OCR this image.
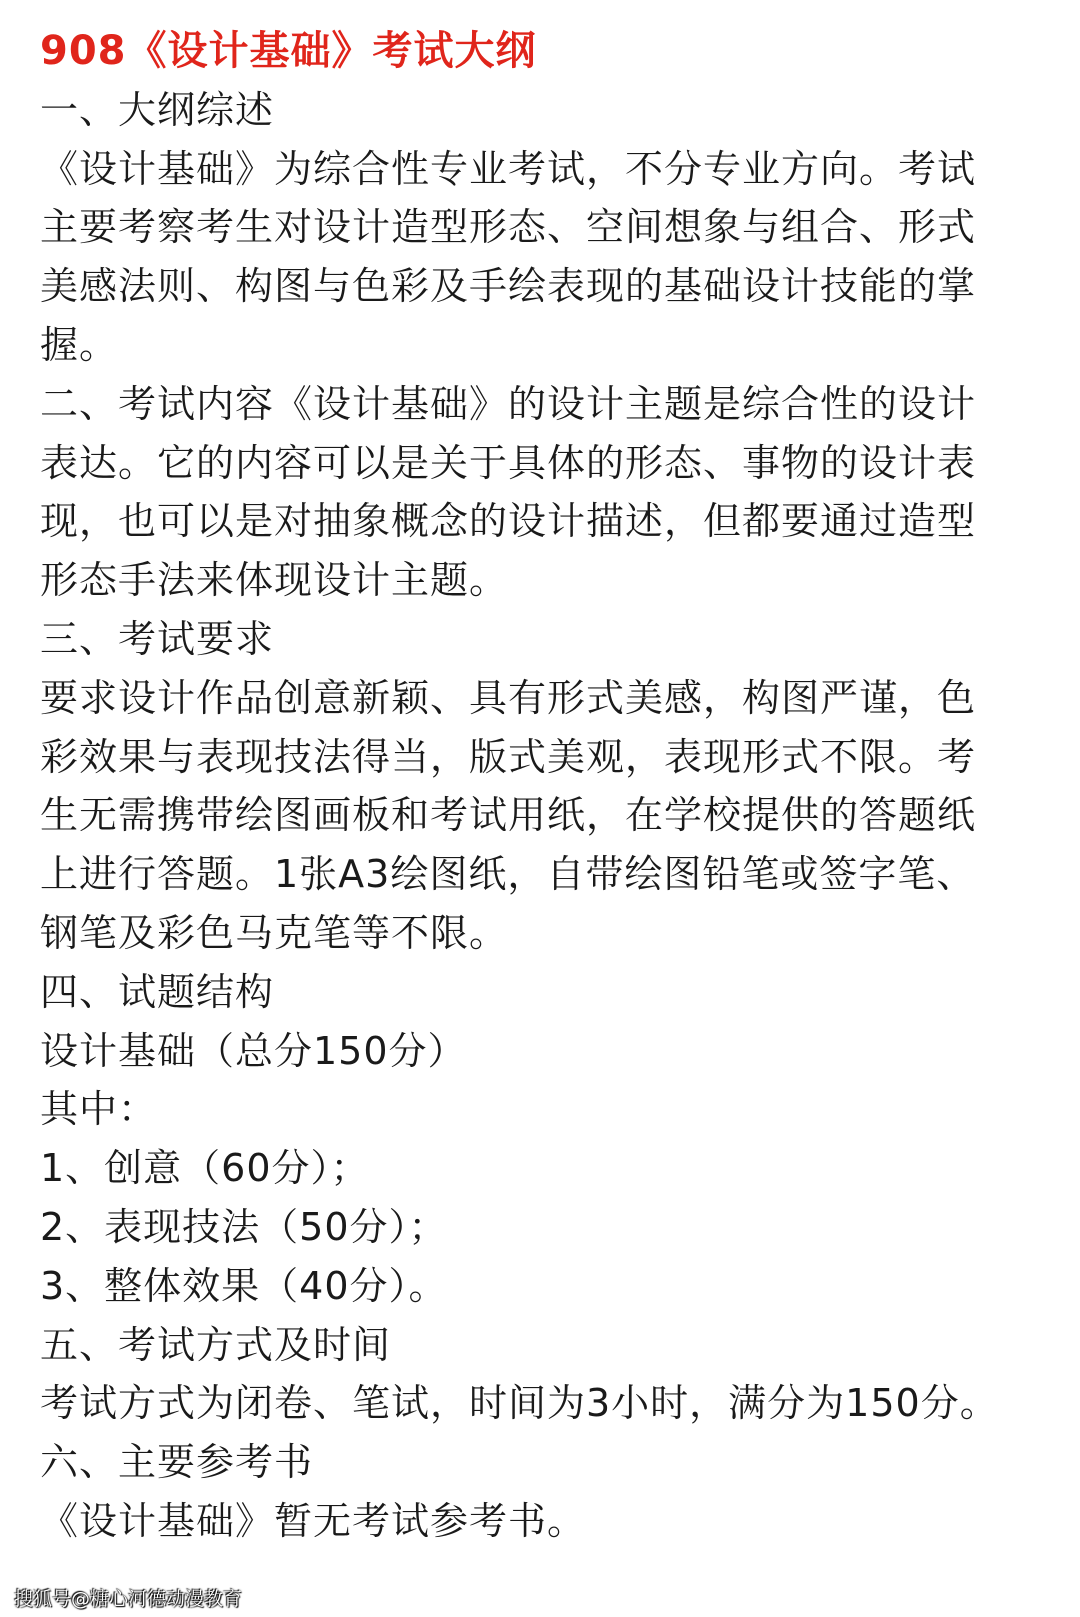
908《设计基础》考试大纲
一、大纲综述
《设计基础》为综合性专业考试，不分专业方向。考试
主要考察考生对设计造型形态、空间想象与组合、形式
美感法则、构图与色彩及手绘表现的基础设计技能的掌
握。
二、考试内容《设计基础》的设计主题是综合性的设计
表达。它的内容可以是关于具体的形态、事物的设计表
现，也可以是对抽象概念的设计描述，但都要通过造型
形态手法来体现设计主题。
三、考试要求
要求设计作品创意新颖、具有形式美感，构图严谨，色
彩效果与表现技法得当，版式美观，表现形式不限。考
生无需携带绘图画板和考试用纸，在学校提供的答题纸
上进行答题。1张A3绘图纸，自带绘图铅笔或签字笔、
钢笔及彩色马克笔等不限。
四、试题结构
设计基础（总分150分）
其中：
1、创意（60分）；
2、表现技法（50分）；
3、整体效果（40分）。
五、考试方式及时间
考试方式为闭卷、笔试，时间为3小时，满分为150分。
六、主要参考书
《设计基础》暂无考试参考书。
搜狐号@糖心河德动漫教育
